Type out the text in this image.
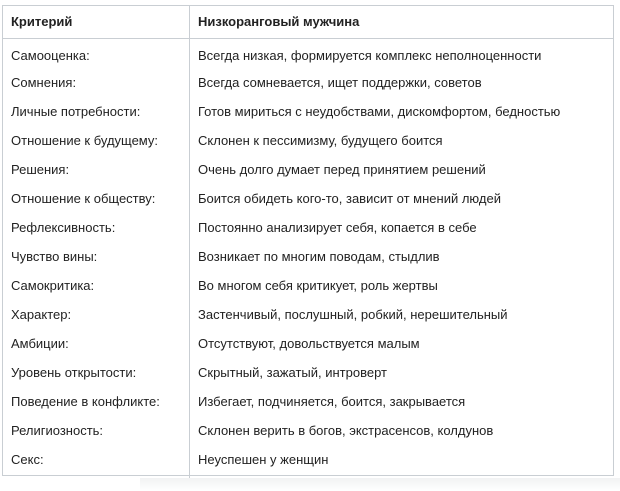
Критерий	Низкоранговый мужчина
Самооценка:	Всегда низкая, формируется комплекс неполноценности
Сомнения:	Всегда сомневается, ищет поддержки, советов
Личные потребности:	Готов мириться с неудобствами, дискомфортом, бедностью
Отношение к будущему:	Склонен к пессимизму, будущего боится
Решения:	Очень долго думает перед принятием решений
Отношение к обществу:	Боится обидеть кого-то, зависит от мнений людей
Рефлексивность:	Постоянно анализирует себя, копается в себе
Чувство вины:	Возникает по многим поводам, стыдлив
Самокритика:	Во многом себя критикует, роль жертвы
Характер:	Застенчивый, послушный, робкий, нерешительный
Амбиции:	Отсутствуют, довольствуется малым
Уровень открытости:	Скрытный, зажатый, интроверт
Поведение в конфликте:	Избегает, подчиняется, боится, закрывается
Религиозность:	Склонен верить в богов, экстрасенсов, колдунов
Секс:	Неуспешен у женщин
